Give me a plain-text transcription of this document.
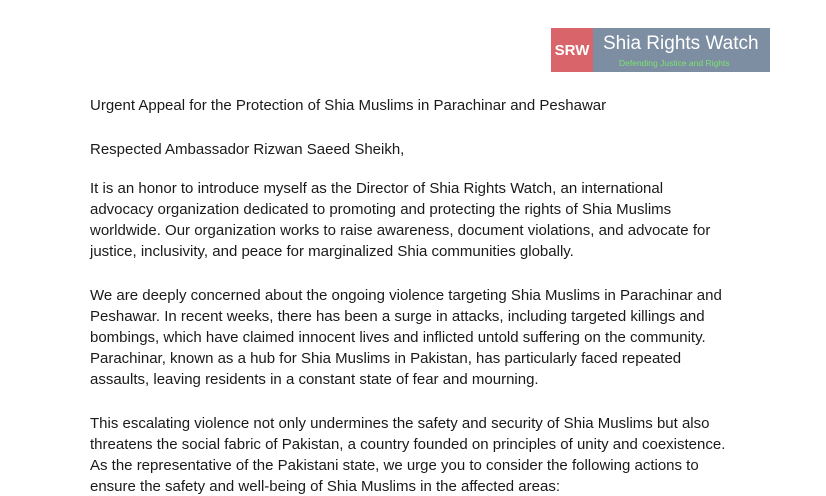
SRW Shia Rights Watch
Defending Justice and Rights
Urgent Appeal for the Protection of Shia Muslims in Parachinar and Peshawar
Respected Ambassador Rizwan Saeed Sheikh,
It is an honor to introduce myself as the Director of Shia Rights Watch, an international
advocacy organization dedicated to promoting and protecting the rights of Shia Muslims
worldwide. Our organization works to raise awareness, document violations, and advocate for
justice, inclusivity, and peace for marginalized Shia communities globally.
We are deeply concerned about the ongoing violence targeting Shia Muslims in Parachinar and
Peshawar. In recent weeks, there has been a surge in attacks, including targeted killings and
bombings, which have claimed innocent lives and inflicted untold suffering on the community.
Parachinar, known as a hub for Shia Muslims in Pakistan, has particularly faced repeated
assaults, leaving residents in a constant state of fear and mourning.
This escalating violence not only undermines the safety and security of Shia Muslims but also
threatens the social fabric of Pakistan, a country founded on principles of unity and coexistence.
As the representative of the Pakistani state, we urge you to consider the following actions to
ensure the safety and well-being of Shia Muslims in the affected areas:
